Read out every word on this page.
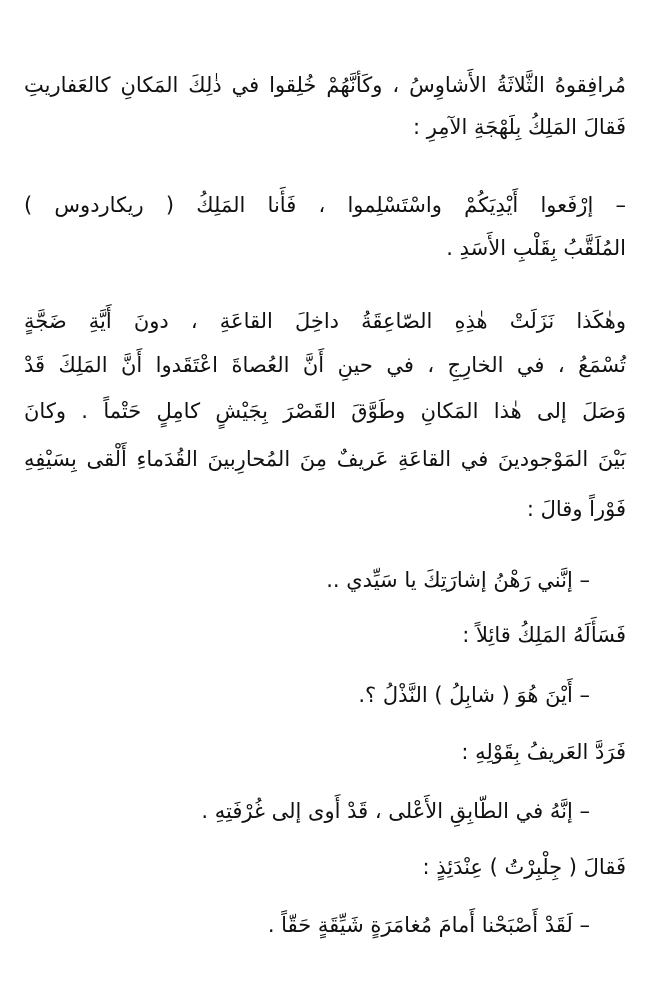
مُرافِقوهُ الثَّلاثَةُ الأَشاوِسُ ، وكَأنَّهُمْ خُلِقوا في ذٰلِكَ المَكانِ كالعَفاريتِ
فَقالَ المَلِكُ بِلَهْجَةِ الآمِرِ :
– إرْفَعوا أَيْدِيَكُمْ واسْتَسْلِموا ، فَأَنا المَلِكُ ( ريكاردوس )
المُلَقَّبُ بِقَلْبِ الأَسَدِ .
وهٰكَذا نَزَلَتْ هٰذِهِ الصّاعِقَةُ داخِلَ القاعَةِ ، دونَ أَيَّةِ ضَجَّةٍ
تُسْمَعُ ، في الخارِجِ ، في حينِ أَنَّ العُصاةَ اعْتَقَدوا أَنَّ المَلِكَ قَدْ
وَصَلَ إلى هٰذا المَكانِ وطَوَّقَ القَصْرَ بِجَيْشٍ كامِلٍ حَتْماً . وكانَ
بَيْنَ المَوْجودينَ في القاعَةِ عَريفٌ مِنَ المُحارِبينَ القُدَماءِ أَلْقى بِسَيْفِهِ
فَوْراً وقالَ :
– إنَّني رَهْنُ إشارَتِكَ يا سَيِّدي ..
فَسَأَلَهُ المَلِكُ قائِلاً :
– أَيْنَ هُوَ ( شابِلُ ) النَّذْلُ ؟.
فَرَدَّ العَريفُ بِقَوْلِهِ :
– إنَّهُ في الطّابِقِ الأَعْلى ، قَدْ أَوى إلى غُرْفَتِهِ .
فَقالَ ( جِلْبِرْتُ ) عِنْدَئِذٍ :
– لَقَدْ أَصْبَحْنا أَمامَ مُغامَرَةٍ شَيِّقَةٍ حَقّاً .
